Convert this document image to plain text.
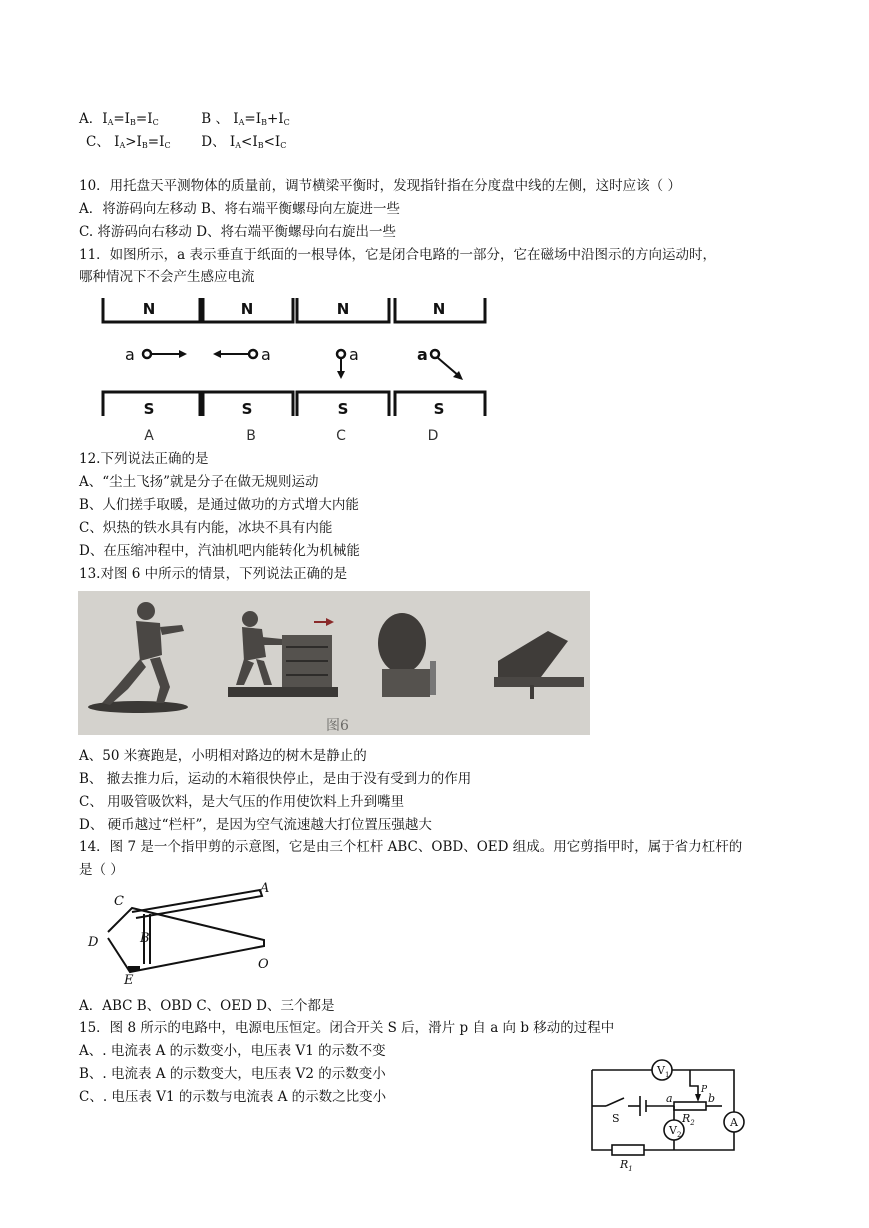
A．IA=IB=IC	B 、 IA=IB+IC
C、 IA>IB=IC D、 IA<IB<IC
10．用托盘天平测物体的质量前，调节横梁平衡时，发现指针指在分度盘中线的左侧，这时应该（ ）
A．将游码向左移动 B、将右端平衡螺母向左旋进一些
C. 将游码向右移动 D、将右端平衡螺母向右旋出一些
11．如图所示，a 表示垂直于纸面的一根导体，它是闭合电路的一部分，它在磁场中沿图示的方向运动时，
哪种情况下不会产生感应电流
N	N	N	N
S	S	S	S
a	a	a	a
A	B	C	D
12.下列说法正确的是
A、“尘土飞扬”就是分子在做无规则运动
B、人们搓手取暖，是通过做功的方式增大内能
C、炽热的铁水具有内能，冰块不具有内能
D、在压缩冲程中，汽油机吧内能转化为机械能
13.对图 6 中所示的情景，下列说法正确的是
图6
A、50 米赛跑是，小明相对路边的树木是静止的
B、 撤去推力后，运动的木箱很快停止，是由于没有受到力的作用
C、 用吸管吸饮料，是大气压的作用使饮料上升到嘴里
D、 硬币越过“栏杆”，是因为空气流速越大打位置压强越大
14．图 7 是一个指甲剪的示意图，它是由三个杠杆 ABC、OBD、OED 组成。用它剪指甲时，属于省力杠杆的
是（ ）
A
B
C
D
E
O
A．ABC B、OBD C、OED D、三个都是
15．图 8 所示的电路中，电源电压恒定。闭合开关 S 后，滑片 p 自 a 向 b 移动的过程中
A、. 电流表 A 的示数变小，电压表 V1 的示数不变
B、. 电流表 A 的示数变大，电压表 V2 的示数变小
C、. 电压表 V1 的示数与电流表 A 的示数之比变小
$V_1$
$V_2$
A
S
P
a	b
$R_2$
$R_1$
